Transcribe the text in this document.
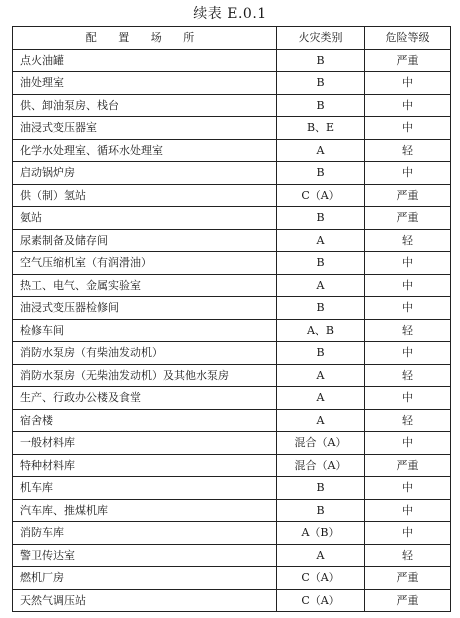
续表 E.0.1
配 置 场 所	火灾类别	危险等级
点火油罐	B	严重
油处理室	B	中
供、卸油泵房、栈台	B	中
油浸式变压器室	B、E	中
化学水处理室、循环水处理室	A	轻
启动锅炉房	B	中
供（制）氢站	C（A）	严重
氨站	B	严重
尿素制备及储存间	A	轻
空气压缩机室（有润滑油）	B	中
热工、电气、金属实验室	A	中
油浸式变压器检修间	B	中
检修车间	A、B	轻
消防水泵房（有柴油发动机）	B	中
消防水泵房（无柴油发动机）及其他水泵房	A	轻
生产、行政办公楼及食堂	A	中
宿舍楼	A	轻
一般材料库	混合（A）	中
特种材料库	混合（A）	严重
机车库	B	中
汽车库、推煤机库	B	中
消防车库	A（B）	中
警卫传达室	A	轻
燃机厂房	C（A）	严重
天然气调压站	C（A）	严重
